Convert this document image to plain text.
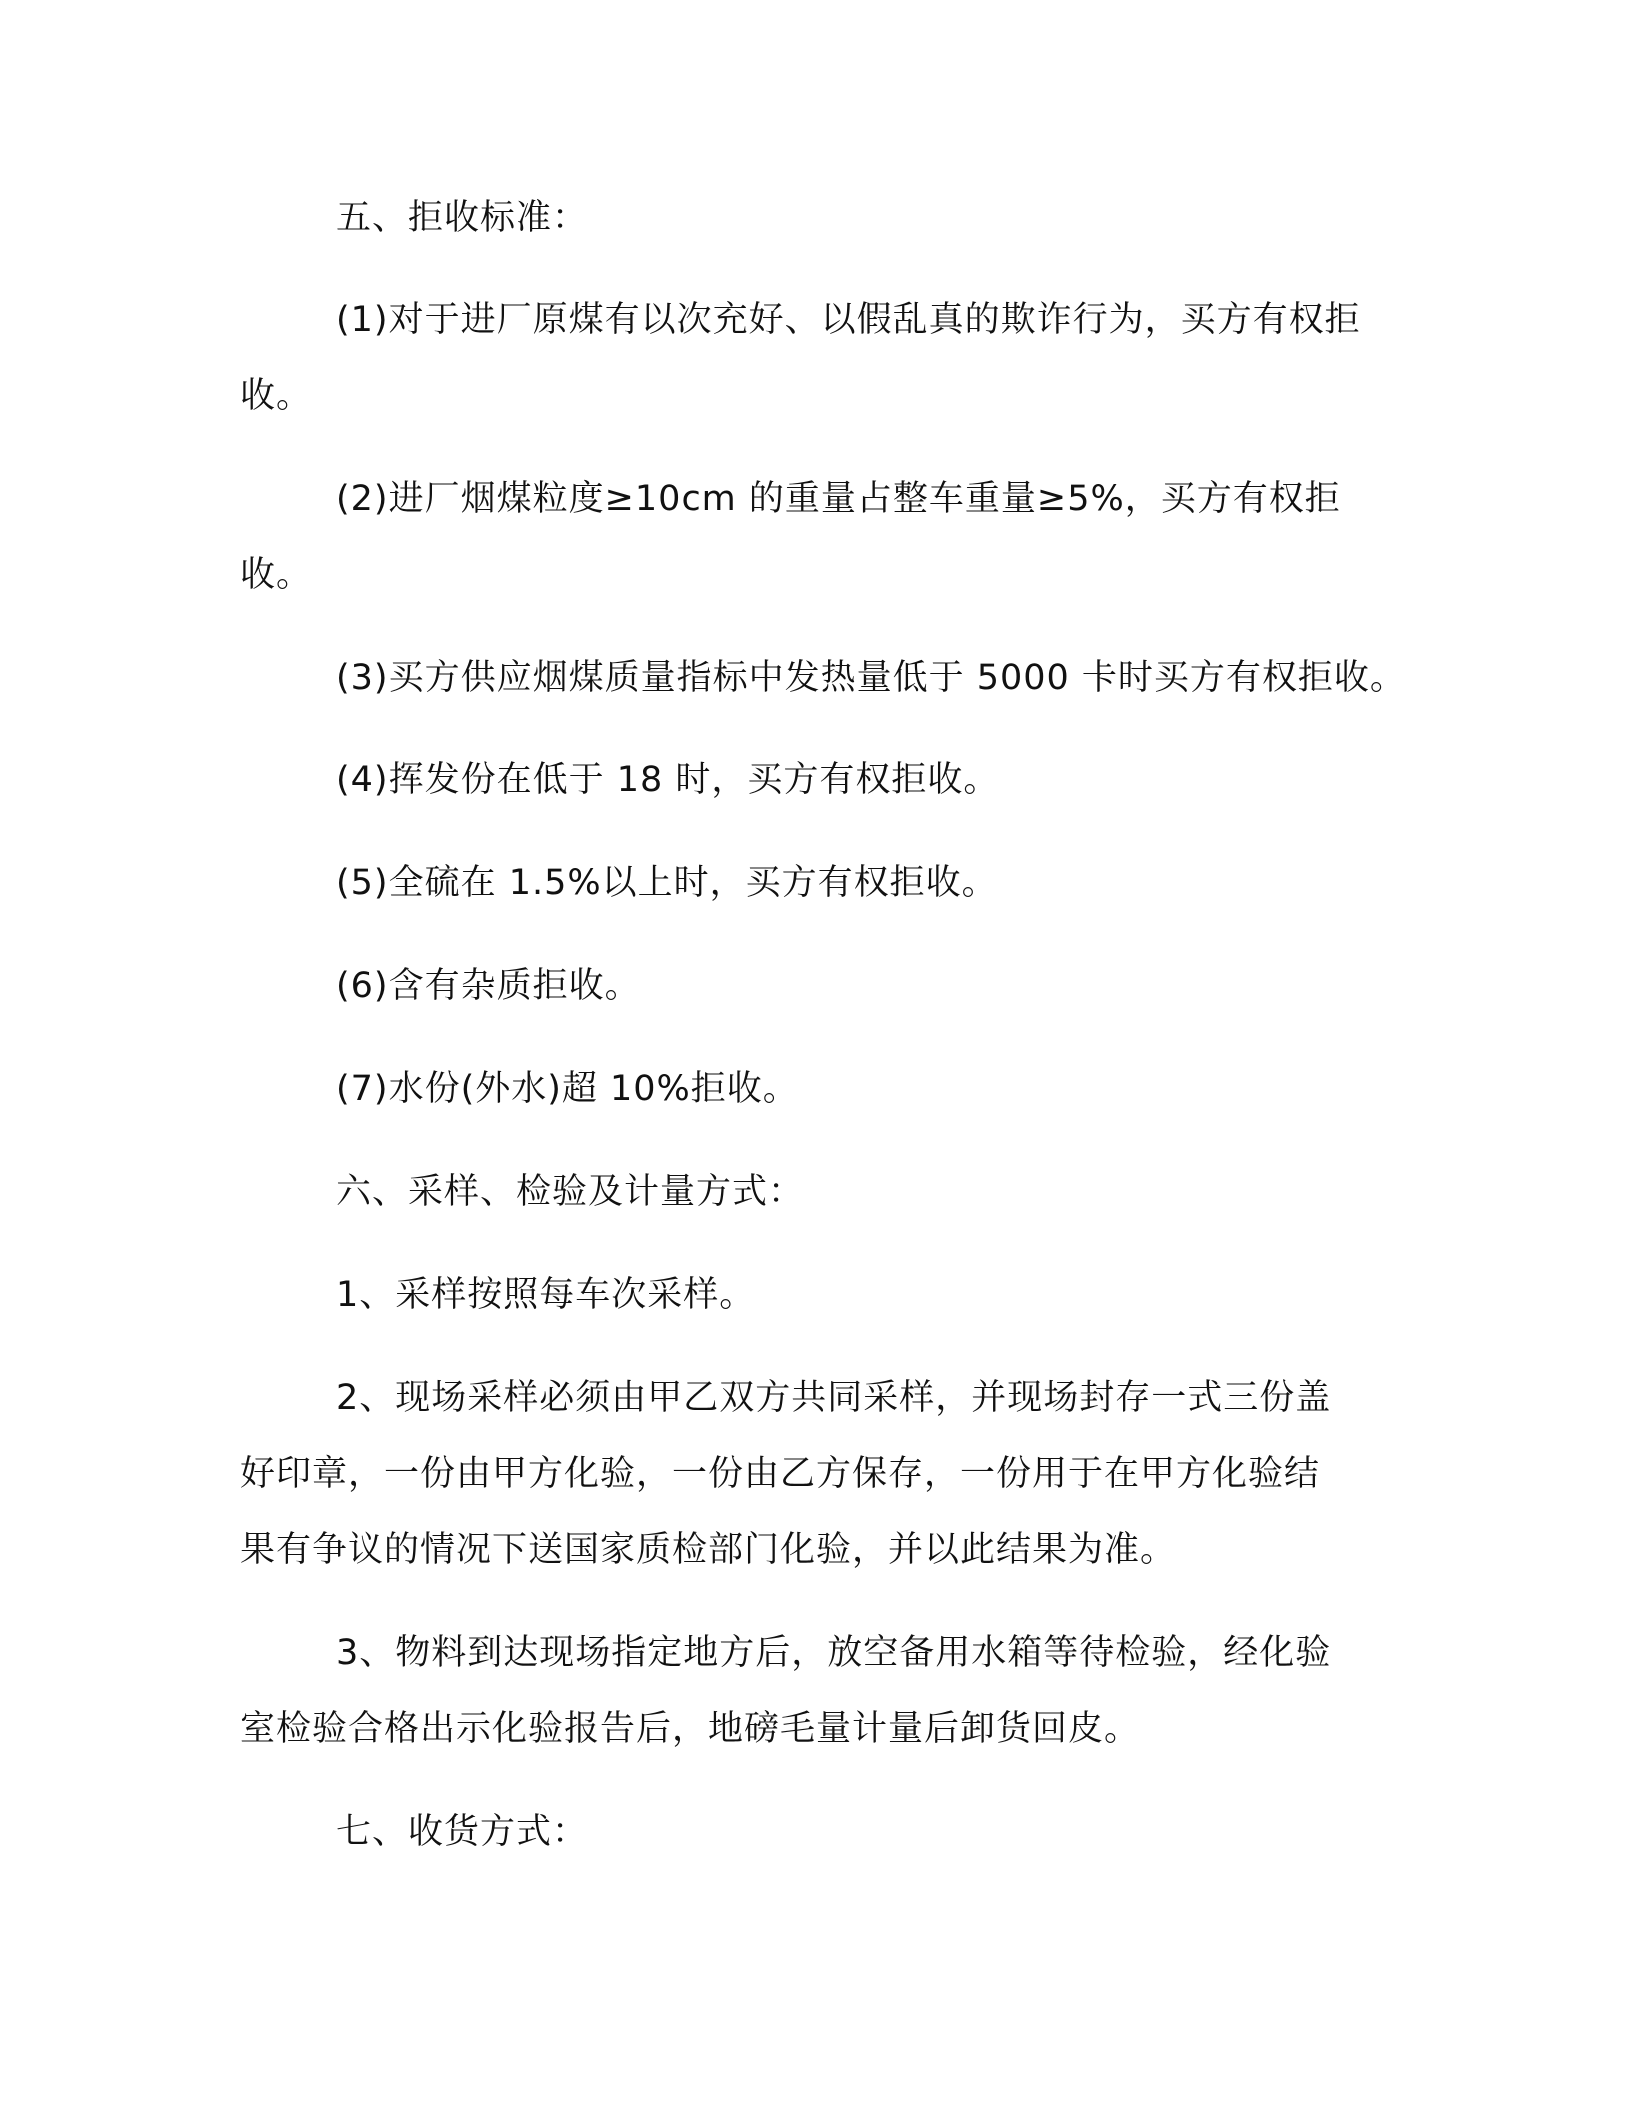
五、拒收标准：
(1)对于进厂原煤有以次充好、以假乱真的欺诈行为，买方有权拒
收。
(2)进厂烟煤粒度≥10cm 的重量占整车重量≥5%，买方有权拒
收。
(3)买方供应烟煤质量指标中发热量低于 5000 卡时买方有权拒收。
(4)挥发份在低于 18 时，买方有权拒收。
(5)全硫在 1.5%以上时，买方有权拒收。
(6)含有杂质拒收。
(7)水份(外水)超 10%拒收。
六、采样、检验及计量方式：
1、采样按照每车次采样。
2、现场采样必须由甲乙双方共同采样，并现场封存一式三份盖
好印章，一份由甲方化验，一份由乙方保存，一份用于在甲方化验结
果有争议的情况下送国家质检部门化验，并以此结果为准。
3、物料到达现场指定地方后，放空备用水箱等待检验，经化验
室检验合格出示化验报告后，地磅毛量计量后卸货回皮。
七、收货方式：
